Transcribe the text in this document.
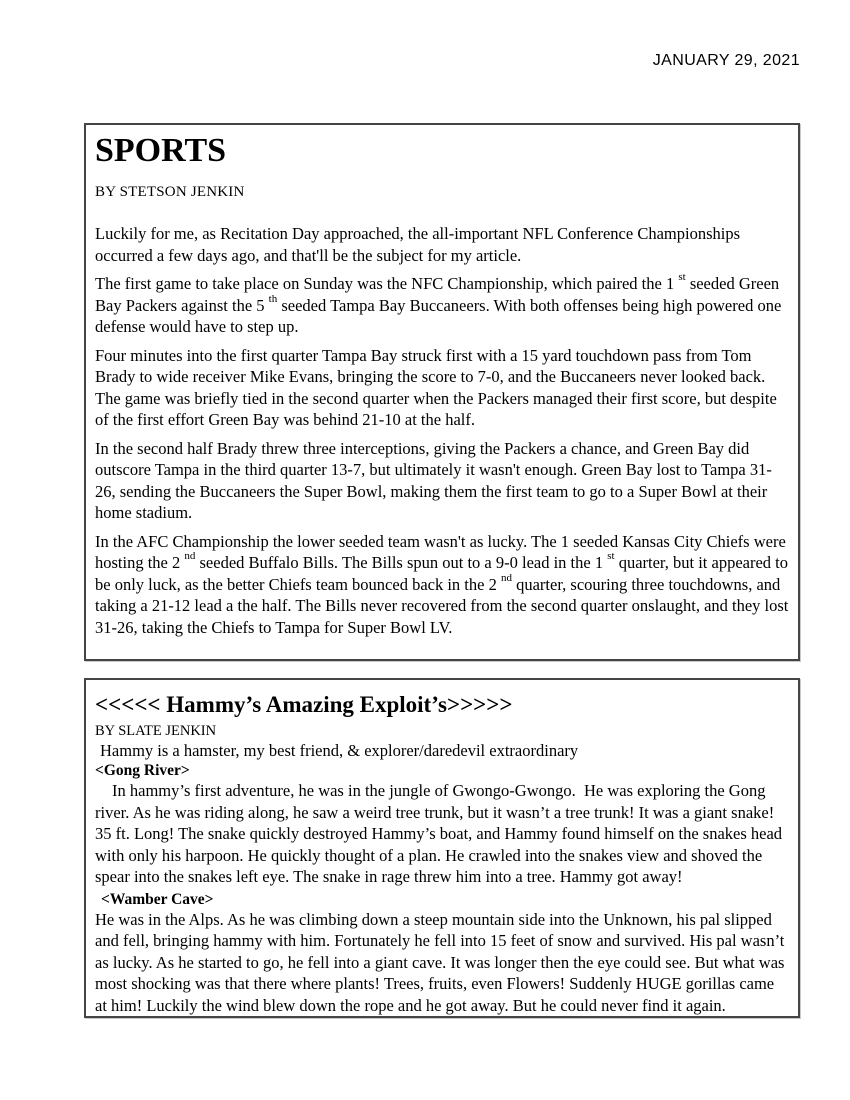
JANUARY 29, 2021
SPORTS
BY STETSON JENKIN

Luckily for me, as Recitation Day approached, the all-important NFL Conference Championships occurred a few days ago, and that'll be the subject for my article.

The first game to take place on Sunday was the NFC Championship, which paired the 1 $^{st}$ seeded Green Bay Packers against the 5 $^{th}$ seeded Tampa Bay Buccaneers. With both offenses being high powered one defense would have to step up.

Four minutes into the first quarter Tampa Bay struck first with a 15 yard touchdown pass from Tom Brady to wide receiver Mike Evans, bringing the score to 7-0, and the Buccaneers never looked back. The game was briefly tied in the second quarter when the Packers managed their first score, but despite of the first effort Green Bay was behind 21-10 at the half.

In the second half Brady threw three interceptions, giving the Packers a chance, and Green Bay did outscore Tampa in the third quarter 13-7, but ultimately it wasn't enough. Green Bay lost to Tampa 31-26, sending the Buccaneers the Super Bowl, making them the first team to go to a Super Bowl at their home stadium.

In the AFC Championship the lower seeded team wasn't as lucky. The 1 seeded Kansas City Chiefs were hosting the 2 $^{nd}$ seeded Buffalo Bills. The Bills spun out to a 9-0 lead in the 1 $^{st}$ quarter, but it appeared to be only luck, as the better Chiefs team bounced back in the 2 $^{nd}$ quarter, scouring three touchdowns, and taking a 21-12 lead a the half. The Bills never recovered from the second quarter onslaught, and they lost 31-26, taking the Chiefs to Tampa for Super Bowl LV.

<<<<< Hammy’s Amazing Exploit’s>>>>>
BY SLATE JENKIN
Hammy is a hamster, my best friend, & explorer/daredevil extraordinary
<Gong River>

In hammy’s first adventure, he was in the jungle of Gwongo-Gwongo.  He was exploring the Gong river. As he was riding along, he saw a weird tree trunk, but it wasn’t a tree trunk! It was a giant snake! 35 ft. Long! The snake quickly destroyed Hammy’s boat, and Hammy found himself on the snakes head with only his harpoon. He quickly thought of a plan. He crawled into the snakes view and shoved the spear into the snakes left eye. The snake in rage threw him into a tree. Hammy got away!

<Wamber Cave>

He was in the Alps. As he was climbing down a steep mountain side into the Unknown, his pal slipped and fell, bringing hammy with him. Fortunately he fell into 15 feet of snow and survived. His pal wasn’t as lucky. As he started to go, he fell into a giant cave. It was longer then the eye could see. But what was most shocking was that there where plants! Trees, fruits, even Flowers! Suddenly HUGE gorillas came at him! Luckily the wind blew down the rope and he got away. But he could never find it again.
